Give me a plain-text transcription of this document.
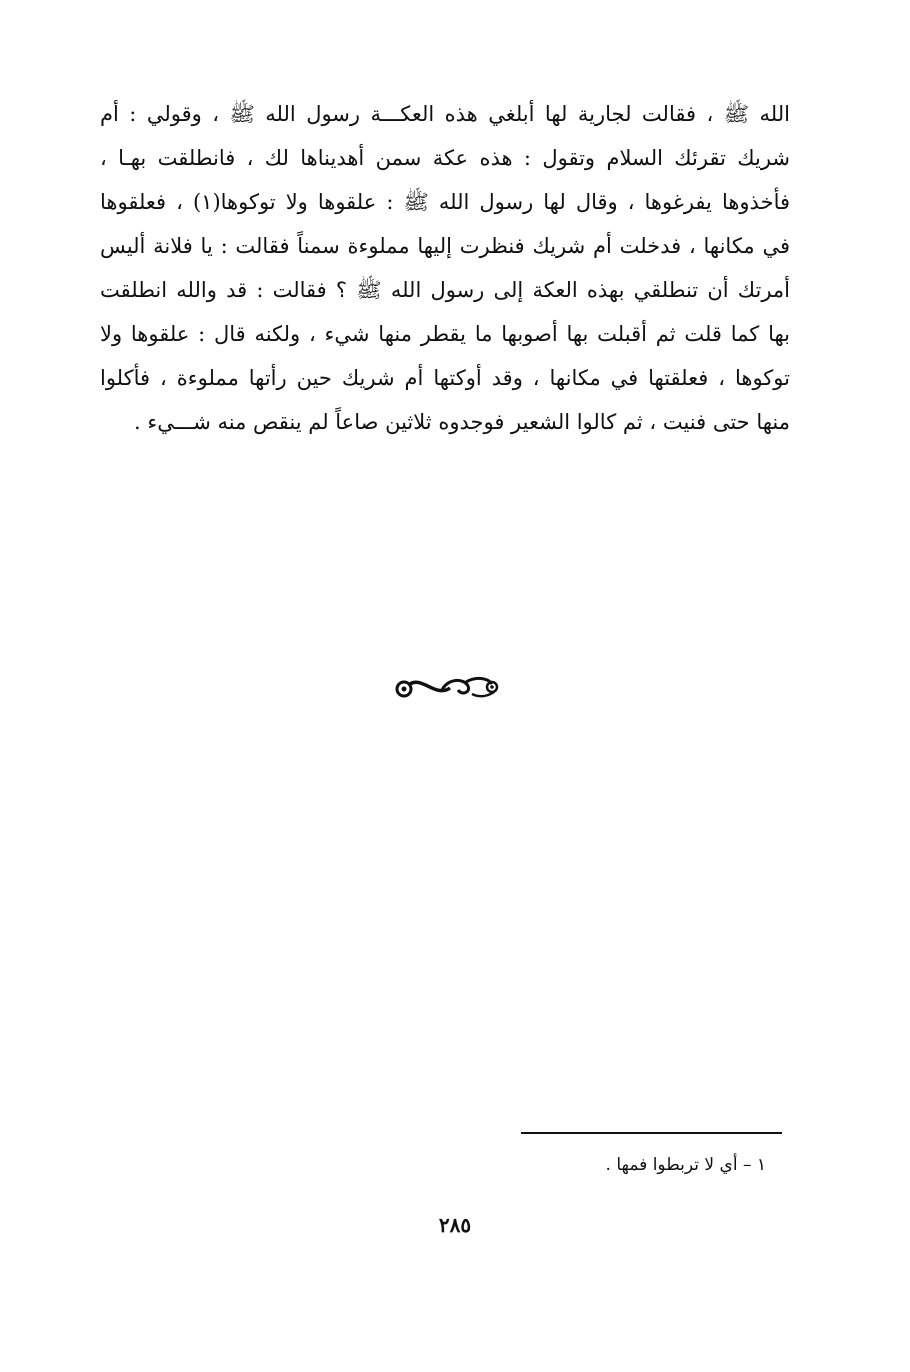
الله ﷺ ، فقالت لجارية لها أبلغي هذه العكـــة رسول الله ﷺ ، وقولي : أم
شريك تقرئك السلام وتقول : هذه عكة سمن أهديناها لك ، فانطلقت بهـا ،
فأخذوها يفرغوها ، وقال لها رسول الله ﷺ : علقوها ولا توكوها(١) ، فعلقوها
في مكانها ، فدخلت أم شريك فنظرت إليها مملوءة سمناً فقالت : يا فلانة أليس
أمرتك أن تنطلقي بهذه العكة إلى رسول الله ﷺ ؟ فقالت : قد والله انطلقت
بها كما قلت ثم أقبلت بها أصوبها ما يقطر منها شيء ، ولكنه قال : علقوها ولا
توكوها ، فعلقتها في مكانها ، وقد أوكتها أم شريك حين رأتها مملوءة ، فأكلوا
منها حتى فنيت ، ثم كالوا الشعير فوجدوه ثلاثين صاعاً لم ينقص منه شـــيء .
١ – أي لا تربطوا فمها .
٢٨٥
